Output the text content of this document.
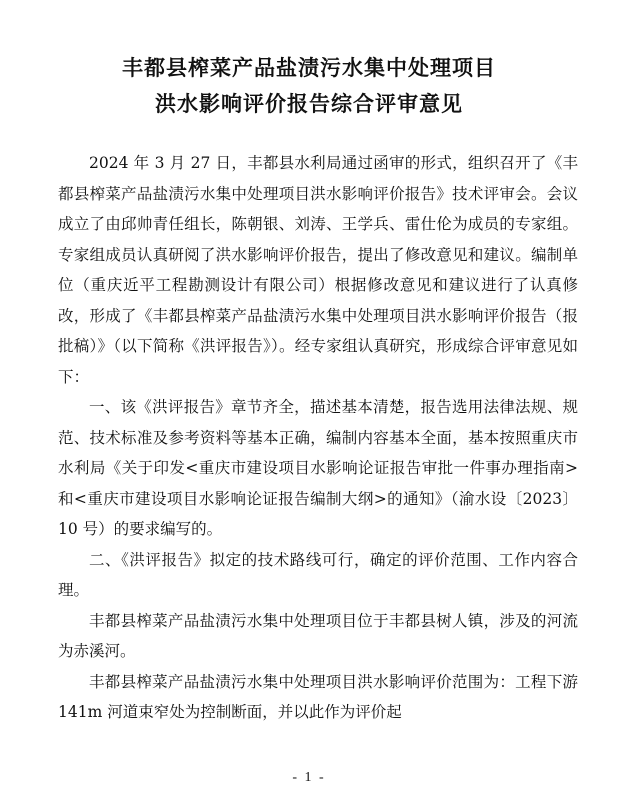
丰都县榨菜产品盐渍污水集中处理项目
洪水影响评价报告综合评审意见

2024 年 3 月 27 日，丰都县水利局通过函审的形式，组织召开了《丰都县榨菜产品盐渍污水集中处理项目洪水影响评价报告》技术评审会。会议成立了由邱帅青任组长，陈朝银、刘涛、王学兵、雷仕伦为成员的专家组。专家组成员认真研阅了洪水影响评价报告，提出了修改意见和建议。编制单位（重庆近平工程勘测设计有限公司）根据修改意见和建议进行了认真修改，形成了《丰都县榨菜产品盐渍污水集中处理项目洪水影响评价报告（报批稿）》（以下简称《洪评报告》）。经专家组认真研究，形成综合评审意见如下：

一、该《洪评报告》章节齐全，描述基本清楚，报告选用法律法规、规范、技术标准及参考资料等基本正确，编制内容基本全面，基本按照重庆市水利局《关于印发<重庆市建设项目水影响论证报告审批一件事办理指南>和<重庆市建设项目水影响论证报告编制大纲>的通知》（渝水设〔2023〕10 号）的要求编写的。

二、《洪评报告》拟定的技术路线可行，确定的评价范围、工作内容合理。

丰都县榨菜产品盐渍污水集中处理项目位于丰都县树人镇，涉及的河流为赤溪河。

丰都县榨菜产品盐渍污水集中处理项目洪水影响评价范围为：工程下游 141m 河道束窄处为控制断面，并以此作为评价起

- 1 -
